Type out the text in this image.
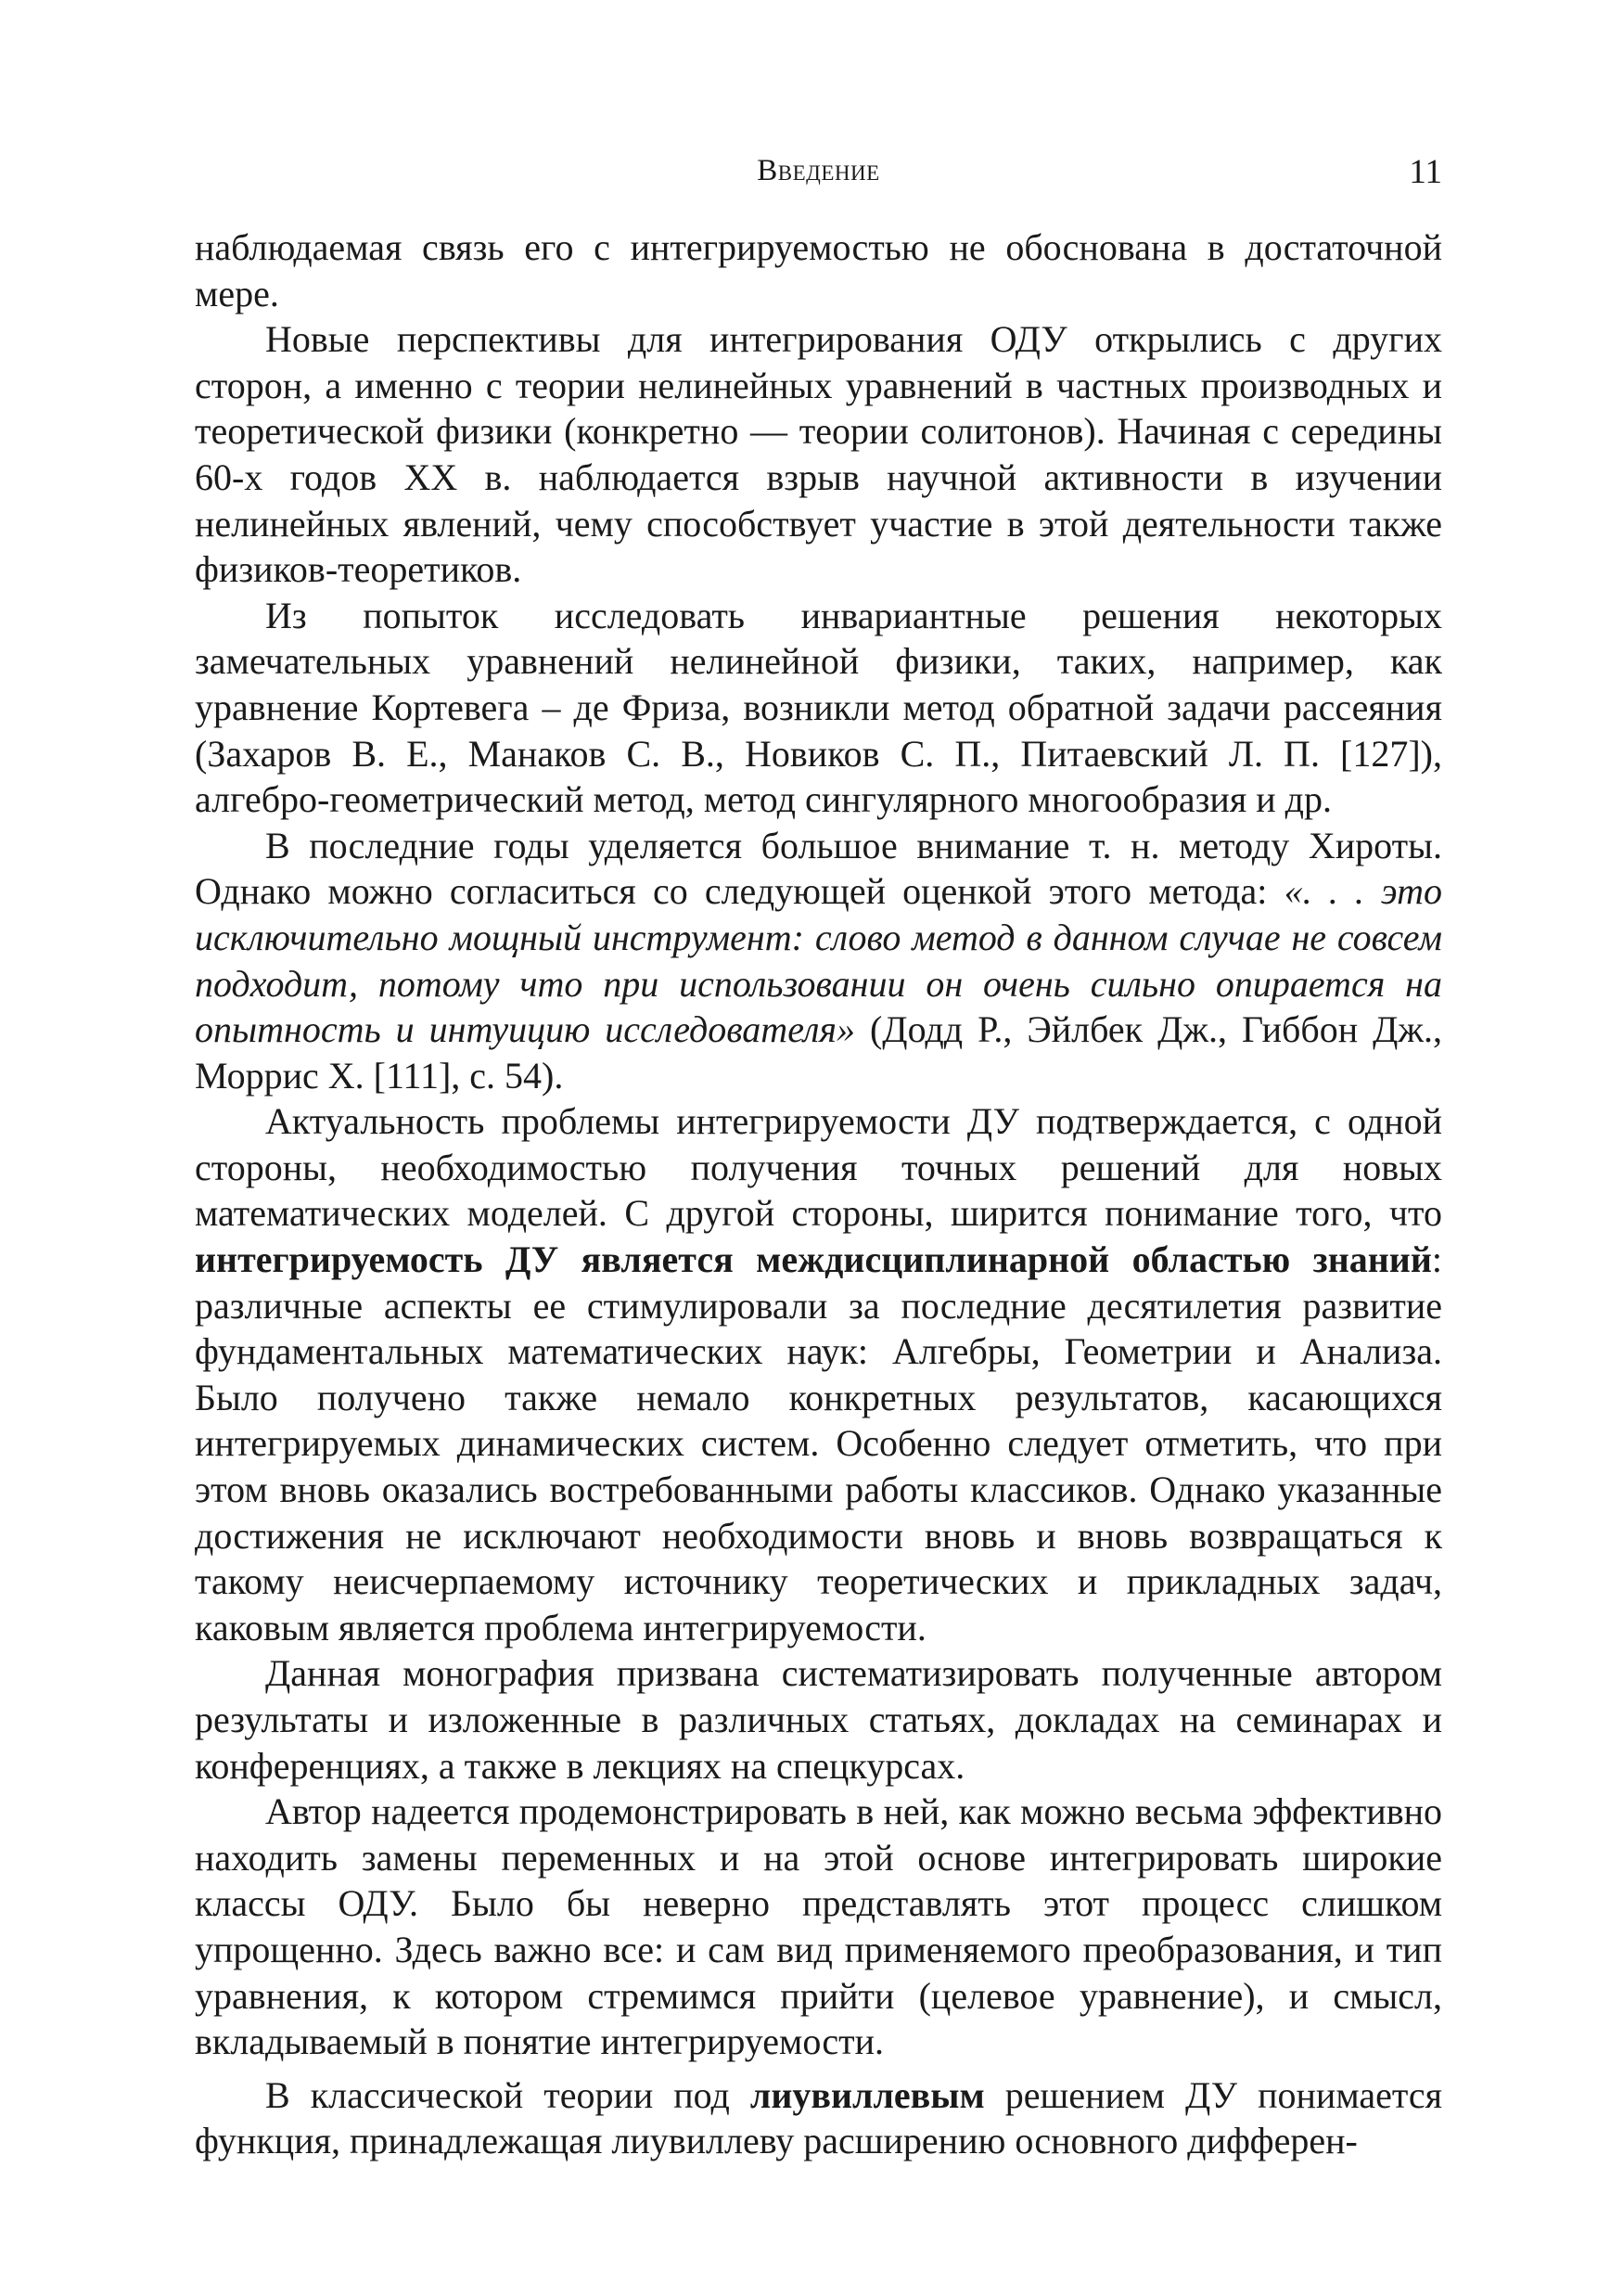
Введение	11

наблюдаемая связь его с интегрируемостью не обоснована в достаточной мере.

Новые перспективы для интегрирования ОДУ открылись с других сторон, а именно с теории нелинейных уравнений в частных производных и теоретической физики (конкретно — теории солитонов). Начиная с середины 60-х годов XX в. наблюдается взрыв научной активности в изучении нелинейных явлений, чему способствует участие в этой деятельности также физиков-теоретиков.

Из попыток исследовать инвариантные решения некоторых замечательных уравнений нелинейной физики, таких, например, как уравнение Кортевега – де Фриза, возникли метод обратной задачи рассеяния (Захаров В. Е., Манаков С. В., Новиков С. П., Питаевский Л. П. [127]), алгебро-геометрический метод, метод сингулярного многообразия и др.

В последние годы уделяется большое внимание т. н. методу Хироты. Однако можно согласиться со следующей оценкой этого метода: «. . . это исключительно мощный инструмент: слово метод в данном случае не совсем подходит, потому что при использовании он очень сильно опирается на опытность и интуицию исследователя» (Додд Р., Эйлбек Дж., Гиббон Дж., Моррис Х. [111], с. 54).

Актуальность проблемы интегрируемости ДУ подтверждается, с одной стороны, необходимостью получения точных решений для новых математических моделей. С другой стороны, ширится понимание того, что интегрируемость ДУ является междисциплинарной областью знаний: различные аспекты ее стимулировали за последние десятилетия развитие фундаментальных математических наук: Алгебры, Геометрии и Анализа. Было получено также немало конкретных результатов, касающихся интегрируемых динамических систем. Особенно следует отметить, что при этом вновь оказались востребованными работы классиков. Однако указанные достижения не исключают необходимости вновь и вновь возвращаться к такому неисчерпаемому источнику теоретических и прикладных задач, каковым является проблема интегрируемости.

Данная монография призвана систематизировать полученные автором результаты и изложенные в различных статьях, докладах на семинарах и конференциях, а также в лекциях на спецкурсах.

Автор надеется продемонстрировать в ней, как можно весьма эффективно находить замены переменных и на этой основе интегрировать широкие классы ОДУ. Было бы неверно представлять этот процесс слишком упрощенно. Здесь важно все: и сам вид применяемого преобразования, и тип уравнения, к котором стремимся прийти (целевое уравнение), и смысл, вкладываемый в понятие интегрируемости.

В классической теории под лиувиллевым решением ДУ понимается функция, принадлежащая лиувиллеву расширению основного дифферен-
